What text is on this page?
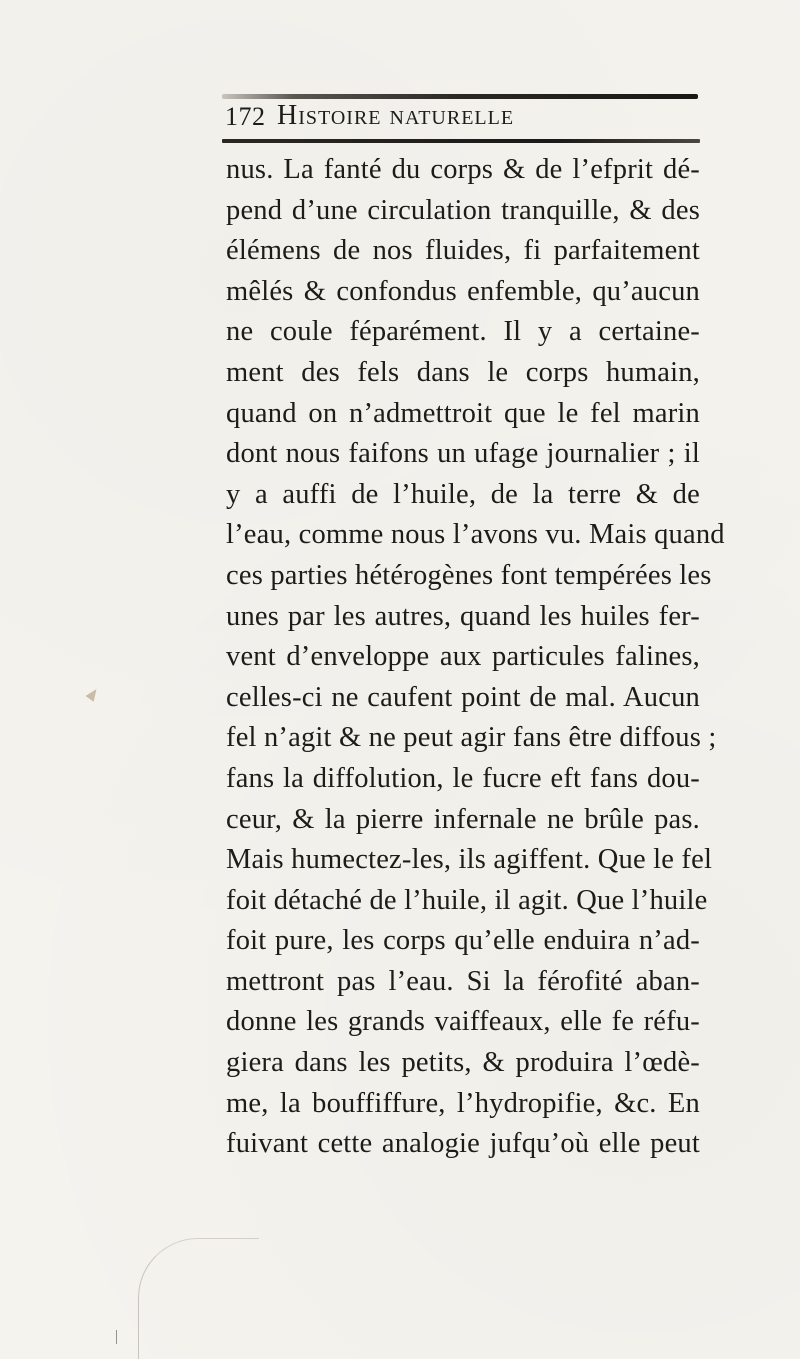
172 Histoire naturelle
nus. La fanté du corps & de l’efprit dé-
pend d’une circulation tranquille, & des
élémens de nos fluides, fi parfaitement
mêlés & confondus enfemble, qu’aucun
ne coule féparément. Il y a certaine-
ment des fels dans le corps humain,
quand on n’admettroit que le fel marin
dont nous faifons un ufage journalier ; il
y a auffi de l’huile, de la terre & de
l’eau, comme nous l’avons vu. Mais quand
ces parties hétérogènes font tempérées les
unes par les autres, quand les huiles fer-
vent d’enveloppe aux particules falines,
celles-ci ne caufent point de mal. Aucun
fel n’agit & ne peut agir fans être diffous ;
fans la diffolution, le fucre eft fans dou-
ceur, & la pierre infernale ne brûle pas.
Mais humectez-les, ils agiffent. Que le fel
foit détaché de l’huile, il agit. Que l’huile
foit pure, les corps qu’elle enduira n’ad-
mettront pas l’eau. Si la férofité aban-
donne les grands vaiffeaux, elle fe réfu-
giera dans les petits, & produira l’œdè-
me, la bouffiffure, l’hydropifie, &c. En
fuivant cette analogie jufqu’où elle peut
